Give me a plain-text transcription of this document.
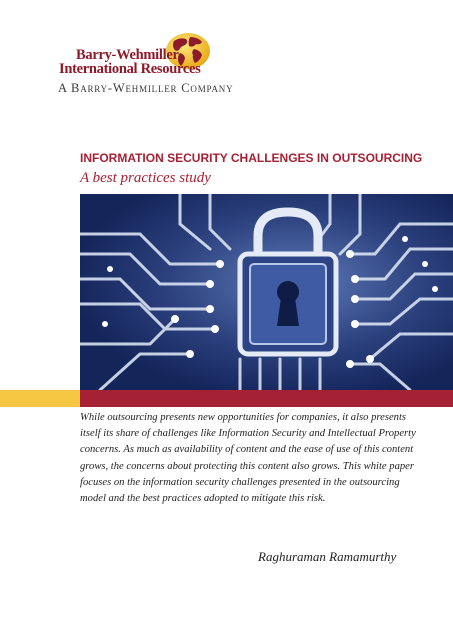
Barry-Wehmiller
International Resources
A Barry-Wehmiller Company
INFORMATION SECURITY CHALLENGES IN OUTSOURCING
A best practices study
While outsourcing presents new opportunities for companies, it also presents
itself its share of challenges like Information Security and Intellectual Property
concerns. As much as availability of content and the ease of use of this content
grows, the concerns about protecting this content also grows. This white paper
focuses on the information security challenges presented in the outsourcing
model and the best practices adopted to mitigate this risk.
Raghuraman Ramamurthy
